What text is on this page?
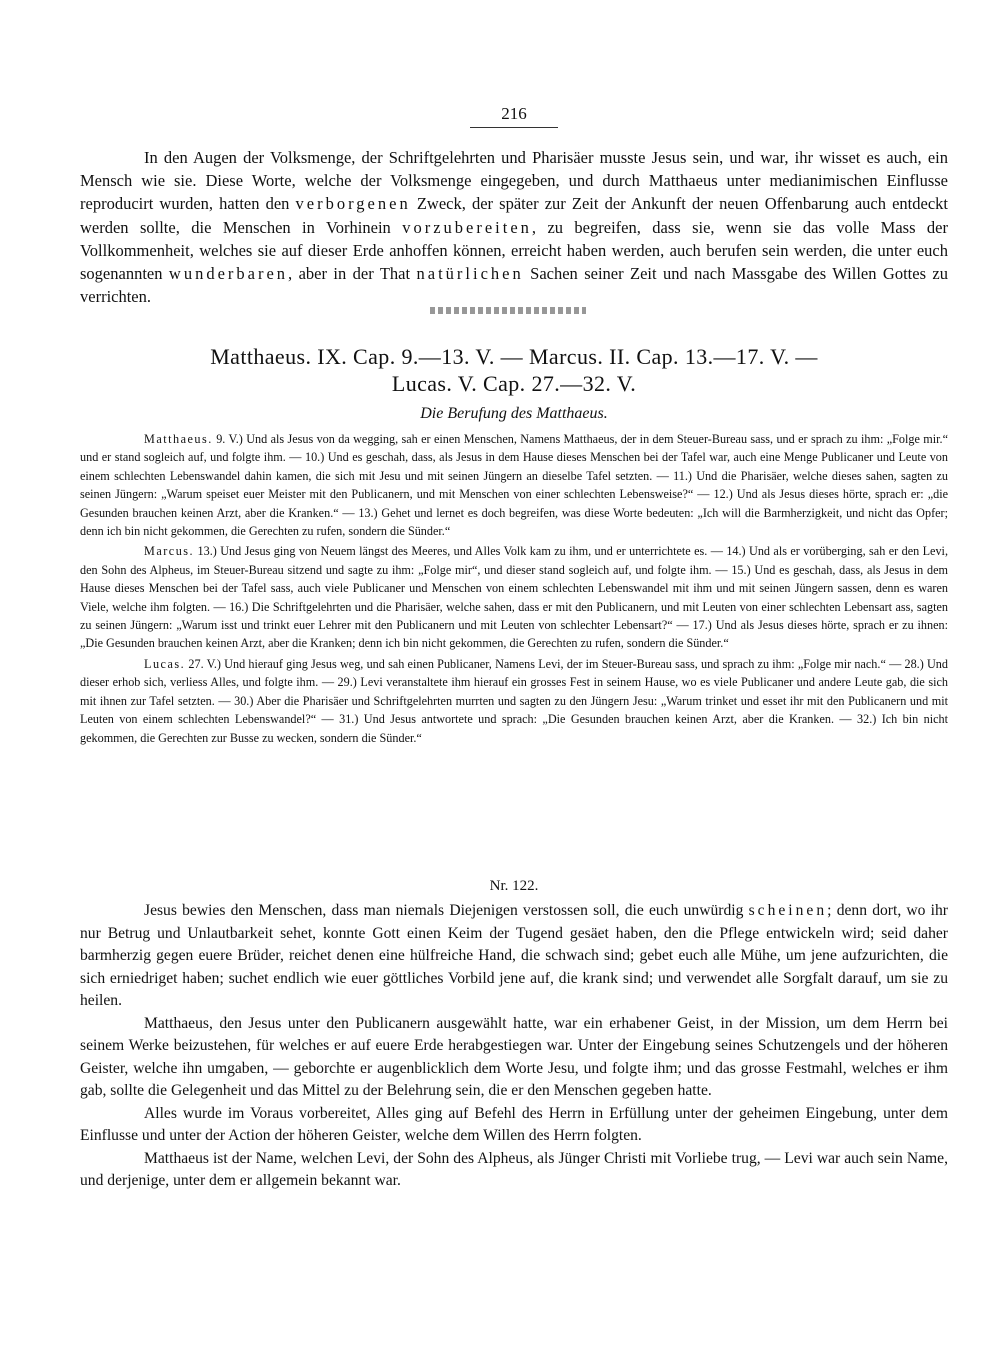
216

In den Augen der Volksmenge, der Schriftgelehrten und Pharisäer musste Jesus sein, und war, ihr wisset es auch, ein Mensch wie sie. Diese Worte, welche der Volksmenge eingegeben, und durch Matthaeus unter medianimischen Einflusse reproducirt wurden, hatten den verborgenen Zweck, der später zur Zeit der Ankunft der neuen Offenbarung auch entdeckt werden sollte, die Menschen in Vorhinein vorzubereiten, zu begreifen, dass sie, wenn sie das volle Mass der Vollkommenheit, welches sie auf dieser Erde anhoffen können, erreicht haben werden, auch berufen sein werden, die unter euch sogenannten wunderbaren, aber in der That natürlichen Sachen seiner Zeit und nach Massgabe des Willen Gottes zu verrichten.

Matthaeus. IX. Cap. 9.—13. V. — Marcus. II. Cap. 13.—17. V. —
Lucas. V. Cap. 27.—32. V.
Die Berufung des Matthaeus.

Matthaeus. 9. V.) Und als Jesus von da wegging, sah er einen Menschen, Namens Matthaeus, der in dem Steuer-Bureau sass, und er sprach zu ihm: „Folge mir.“ und er stand sogleich auf, und folgte ihm. — 10.) Und es geschah, dass, als Jesus in dem Hause dieses Menschen bei der Tafel war, auch eine Menge Publicaner und Leute von einem schlechten Lebenswandel dahin kamen, die sich mit Jesu und mit seinen Jüngern an dieselbe Tafel setzten. — 11.) Und die Pharisäer, welche dieses sahen, sagten zu seinen Jüngern: „Warum speiset euer Meister mit den Publicanern, und mit Menschen von einer schlechten Lebensweise?“ — 12.) Und als Jesus dieses hörte, sprach er: „die Gesunden brauchen keinen Arzt, aber die Kranken.“ — 13.) Gehet und lernet es doch begreifen, was diese Worte bedeuten: „Ich will die Barmherzigkeit, und nicht das Opfer; denn ich bin nicht gekommen, die Gerechten zu rufen, sondern die Sünder.“

Marcus. 13.) Und Jesus ging von Neuem längst des Meeres, und Alles Volk kam zu ihm, und er unterrichtete es. — 14.) Und als er vorüberging, sah er den Levi, den Sohn des Alpheus, im Steuer-Bureau sitzend und sagte zu ihm: „Folge mir“, und dieser stand sogleich auf, und folgte ihm. — 15.) Und es geschah, dass, als Jesus in dem Hause dieses Menschen bei der Tafel sass, auch viele Publicaner und Menschen von einem schlechten Lebenswandel mit ihm und mit seinen Jüngern sassen, denn es waren Viele, welche ihm folgten. — 16.) Die Schriftgelehrten und die Pharisäer, welche sahen, dass er mit den Publicanern, und mit Leuten von einer schlechten Lebensart ass, sagten zu seinen Jüngern: „Warum isst und trinkt euer Lehrer mit den Publicanern und mit Leuten von schlechter Lebensart?“ — 17.) Und als Jesus dieses hörte, sprach er zu ihnen: „Die Gesunden brauchen keinen Arzt, aber die Kranken; denn ich bin nicht gekommen, die Gerechten zu rufen, sondern die Sünder.“

Lucas. 27. V.) Und hierauf ging Jesus weg, und sah einen Publicaner, Namens Levi, der im Steuer-Bureau sass, und sprach zu ihm: „Folge mir nach.“ — 28.) Und dieser erhob sich, verliess Alles, und folgte ihm. — 29.) Levi veranstaltete ihm hierauf ein grosses Fest in seinem Hause, wo es viele Publicaner und andere Leute gab, die sich mit ihnen zur Tafel setzten. — 30.) Aber die Pharisäer und Schriftgelehrten murrten und sagten zu den Jüngern Jesu: „Warum trinket und esset ihr mit den Publicanern und mit Leuten von einem schlechten Lebenswandel?“ — 31.) Und Jesus antwortete und sprach: „Die Gesunden brauchen keinen Arzt, aber die Kranken. — 32.) Ich bin nicht gekommen, die Gerechten zur Busse zu wecken, sondern die Sünder.“

Nr. 122.

Jesus bewies den Menschen, dass man niemals Diejenigen verstossen soll, die euch unwürdig scheinen; denn dort, wo ihr nur Betrug und Unlautbarkeit sehet, konnte Gott einen Keim der Tugend gesäet haben, den die Pflege entwickeln wird; seid daher barmherzig gegen euere Brüder, reichet denen eine hülfreiche Hand, die schwach sind; gebet euch alle Mühe, um jene aufzurichten, die sich erniedriget haben; suchet endlich wie euer göttliches Vorbild jene auf, die krank sind; und verwendet alle Sorgfalt darauf, um sie zu heilen.

Matthaeus, den Jesus unter den Publicanern ausgewählt hatte, war ein erhabener Geist, in der Mission, um dem Herrn bei seinem Werke beizustehen, für welches er auf euere Erde herabgestiegen war. Unter der Eingebung seines Schutzengels und der höheren Geister, welche ihn umgaben, — geborchte er augenblicklich dem Worte Jesu, und folgte ihm; und das grosse Festmahl, welches er ihm gab, sollte die Gelegenheit und das Mittel zu der Belehrung sein, die er den Menschen gegeben hatte.

Alles wurde im Voraus vorbereitet, Alles ging auf Befehl des Herrn in Erfüllung unter der geheimen Eingebung, unter dem Einflusse und unter der Action der höheren Geister, welche dem Willen des Herrn folgten.

Matthaeus ist der Name, welchen Levi, der Sohn des Alpheus, als Jünger Christi mit Vorliebe trug, — Levi war auch sein Name, und derjenige, unter dem er allgemein bekannt war.
